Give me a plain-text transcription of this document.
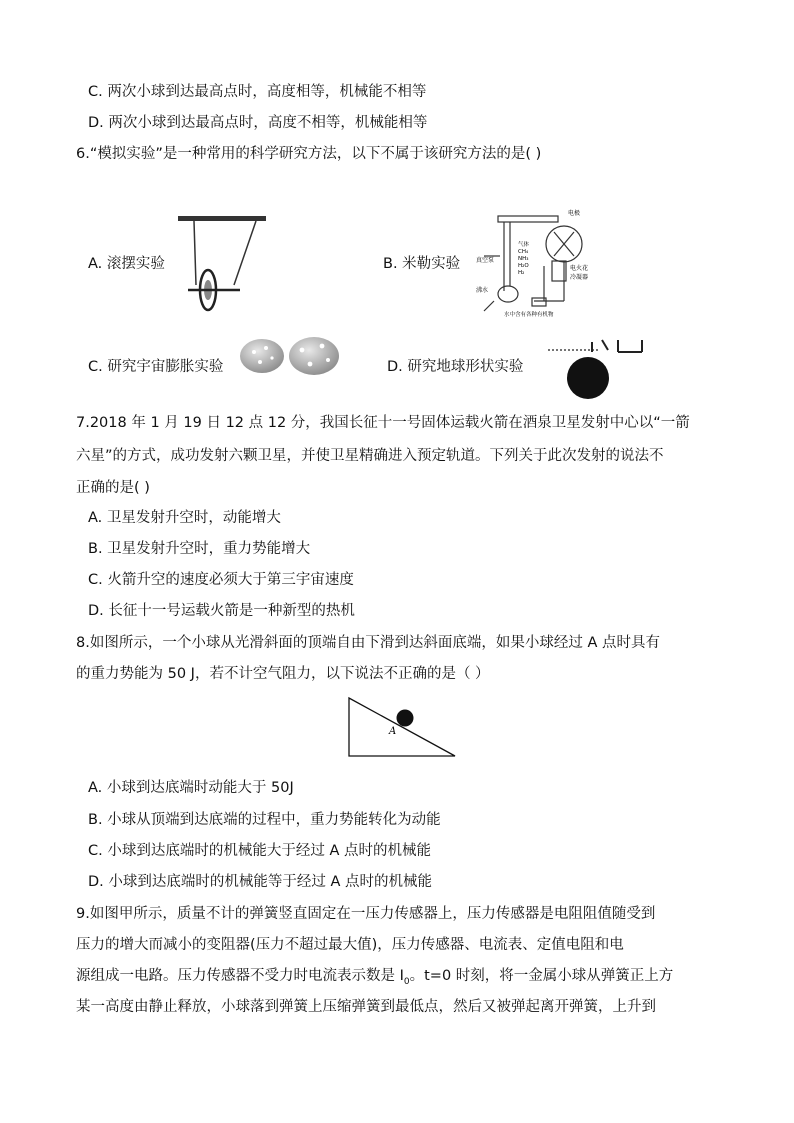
C. 两次小球到达最高点时，高度相等，机械能不相等
D. 两次小球到达最高点时，高度不相等，机械能相等
6.“模拟实验”是一种常用的科学研究方法，以下不属于该研究方法的是( )
A. 滚摆实验	B. 米勒实验
电极
气体
CH₄
NH₃
H₂O
H₂
真空泵
电火花
冷凝器
沸水
水中含有各种有机物
C. 研究宇宙膨胀实验	D. 研究地球形状实验
7.2018 年 1 月 19 日 12 点 12 分，我国长征十一号固体运载火箭在酒泉卫星发射中心以“一箭
六星”的方式，成功发射六颗卫星，并使卫星精确进入预定轨道。下列关于此次发射的说法不
正确的是( )
A. 卫星发射升空时，动能增大
B. 卫星发射升空时，重力势能增大
C. 火箭升空的速度必须大于第三宇宙速度
D. 长征十一号运载火箭是一种新型的热机
8.如图所示，一个小球从光滑斜面的顶端自由下滑到达斜面底端，如果小球经过 A 点时具有
的重力势能为 50 J，若不计空气阻力，以下说法不正确的是（ ）
A
A. 小球到达底端时动能大于 50J
B. 小球从顶端到达底端的过程中，重力势能转化为动能
C. 小球到达底端时的机械能大于经过 A 点时的机械能
D. 小球到达底端时的机械能等于经过 A 点时的机械能
9.如图甲所示，质量不计的弹簧竖直固定在一压力传感器上，压力传感器是电阻阻值随受到
压力的增大而减小的变阻器(压力不超过最大值)，压力传感器、电流表、定值电阻和电
源组成一电路。压力传感器不受力时电流表示数是 $I_0$。t=0 时刻，将一金属小球从弹簧正上方
某一高度由静止释放，小球落到弹簧上压缩弹簧到最低点，然后又被弹起离开弹簧，上升到
